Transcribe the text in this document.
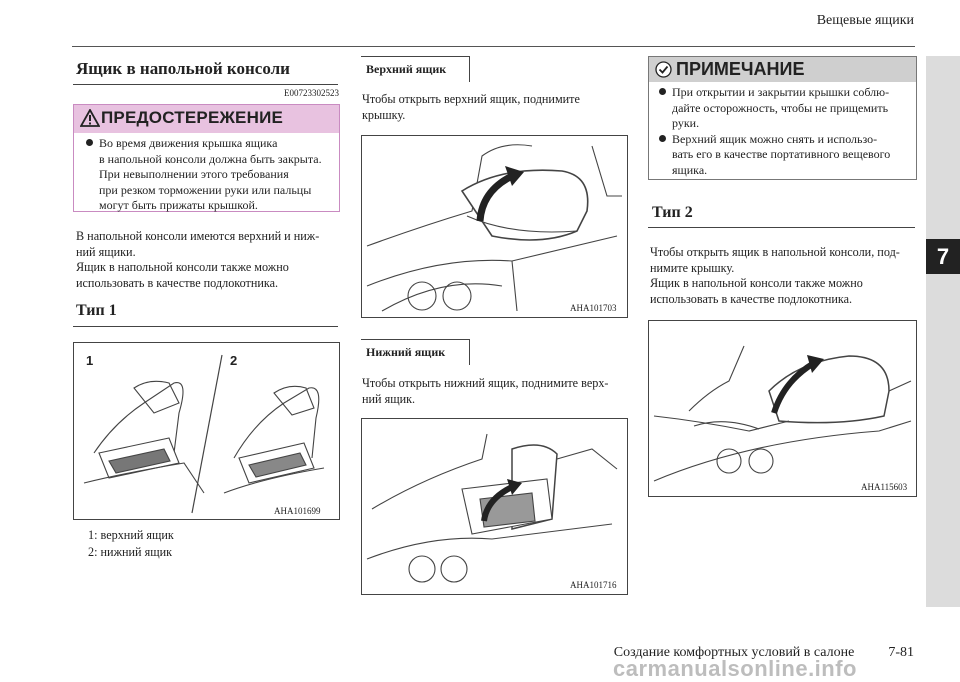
Вещевые ящики
7
Ящик в напольной консоли
E00723302523
ПРЕДОСТЕРЕЖЕНИЕ
Во время движения крышка ящика
в напольной консоли должна быть закрыта.
При невыполнении этого требования
при резком торможении руки или пальцы
могут быть прижаты крышкой.
В напольной консоли имеются верхний и ниж-
ний ящики.
Ящик в напольной консоли также можно
использовать в качестве подлокотника.
Тип 1
1	2
AHA101699
1: верхний ящик
2: нижний ящик
Верхний ящик
Чтобы открыть верхний ящик, поднимите
крышку.
AHA101703
Нижний ящик
Чтобы открыть нижний ящик, поднимите верх-
ний ящик.
AHA101716
ПРИМЕЧАНИЕ
При открытии и закрытии крышки соблю-
дайте осторожность, чтобы не прищемить
руки.
Верхний ящик можно снять и использо-
вать его в качестве портативного вещевого
ящика.
Тип 2
Чтобы открыть ящик в напольной консоли, под-
нимите крышку.
Ящик в напольной консоли также можно
использовать в качестве подлокотника.
AHA115603
Создание комфортных условий в салоне 7-81
carmanualsonline.info
